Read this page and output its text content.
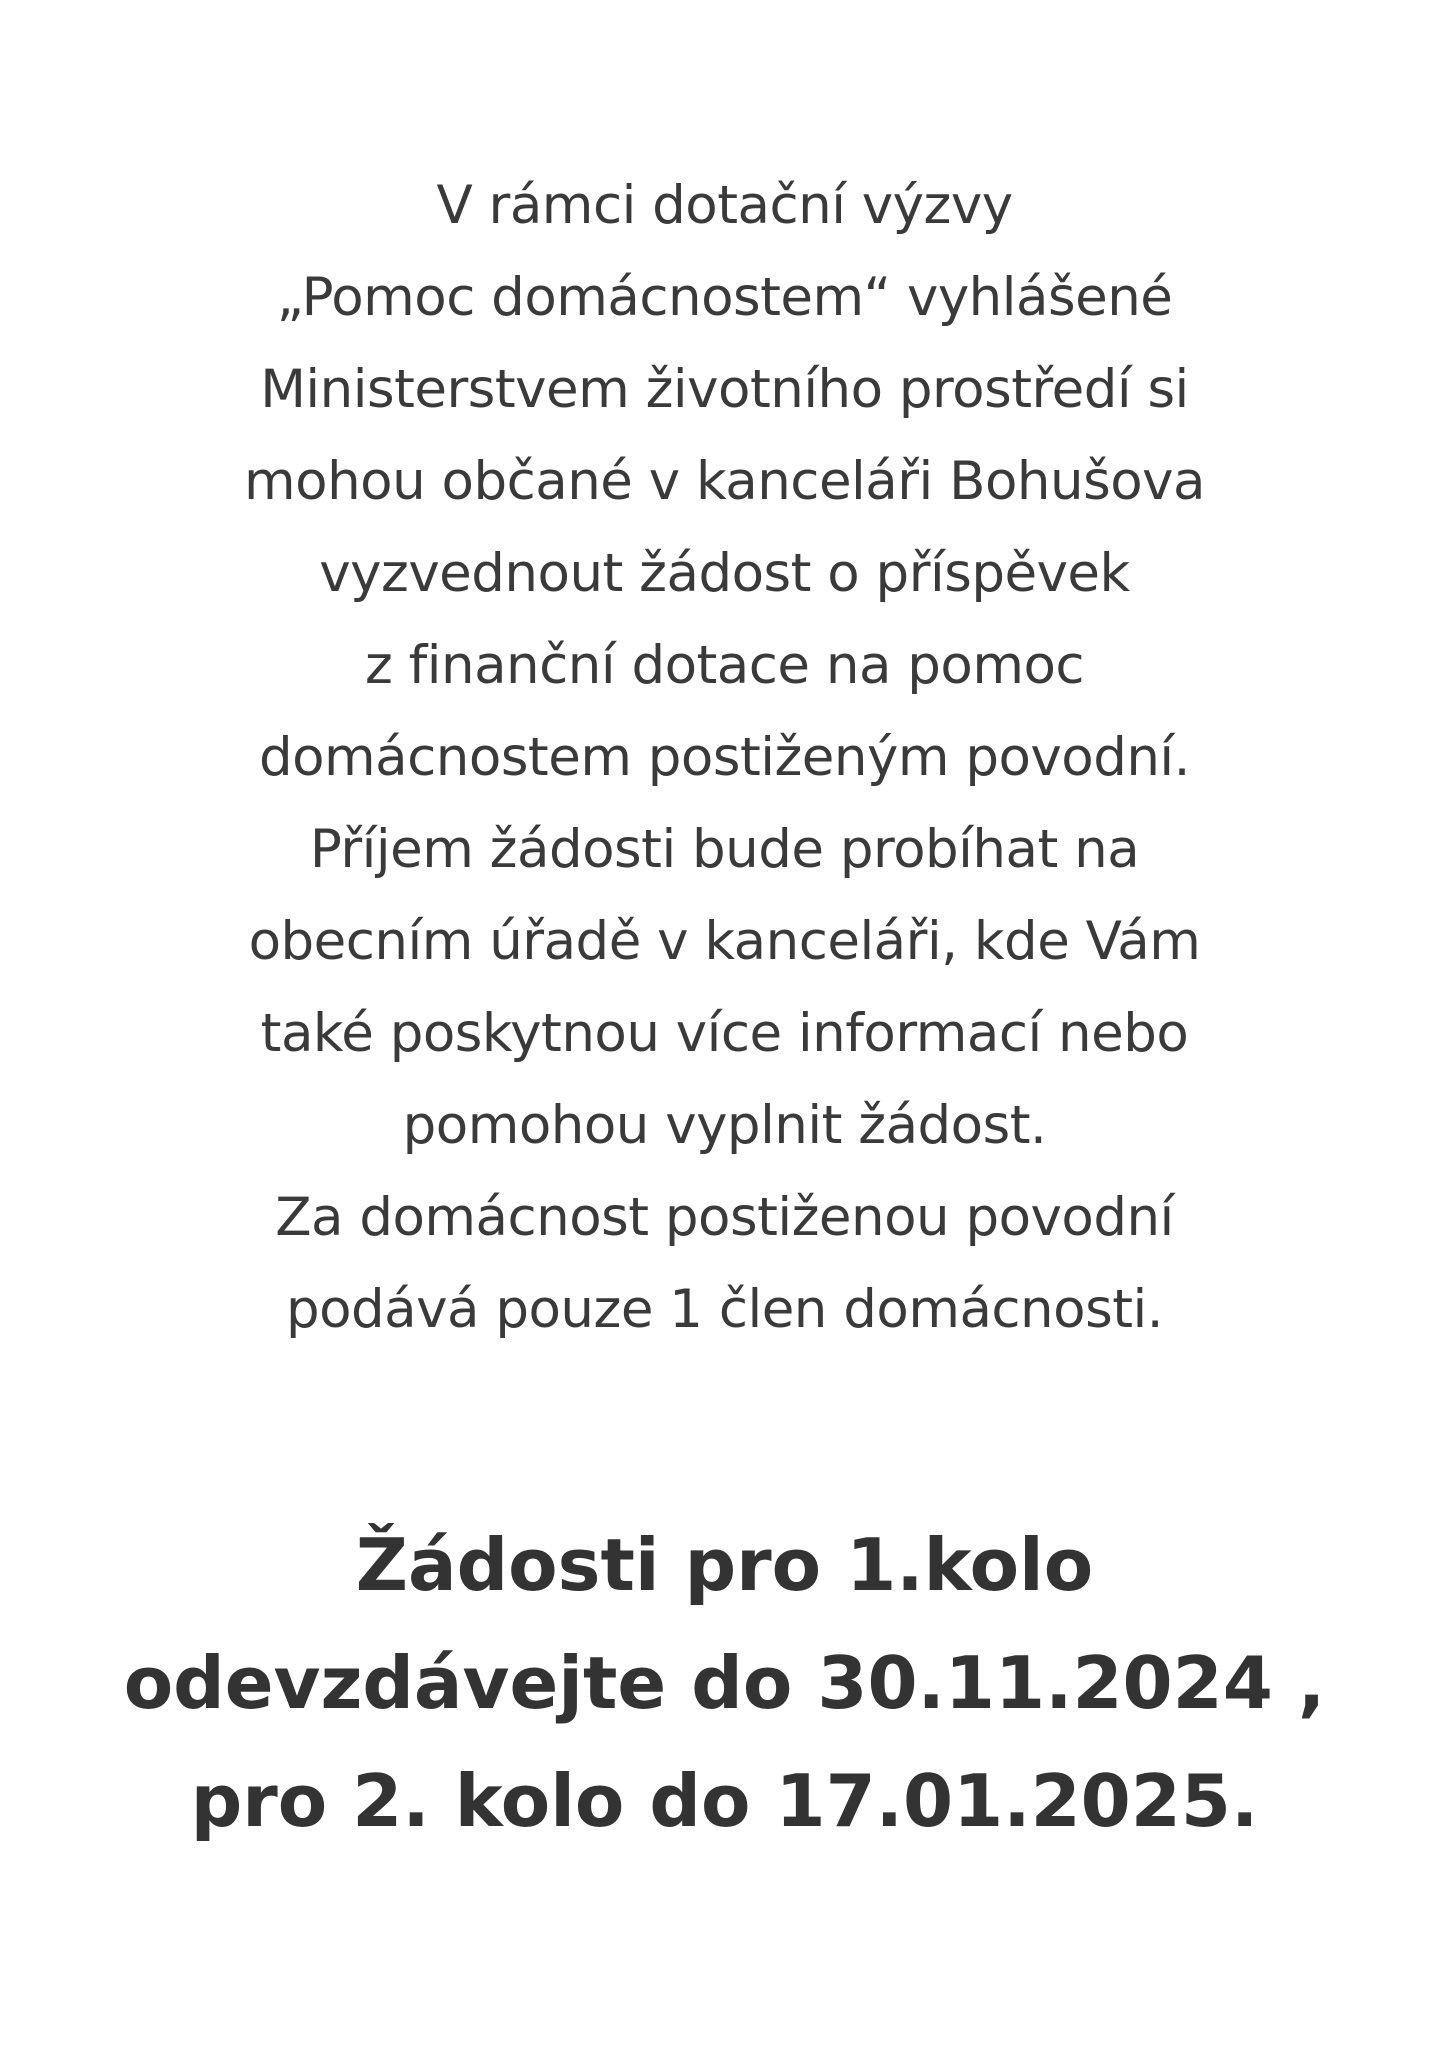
V rámci dotační výzvy
„Pomoc domácnostem“ vyhlášené
Ministerstvem životního prostředí si
mohou občané v kanceláři Bohušova
vyzvednout žádost o příspěvek
z finanční dotace na pomoc
domácnostem postiženým povodní.
Příjem žádosti bude probíhat na
obecním úřadě v kanceláři, kde Vám
také poskytnou více informací nebo
pomohou vyplnit žádost.
Za domácnost postiženou povodní
podává pouze 1 člen domácnosti.
Žádosti pro 1.kolo
odevzdávejte do 30.11.2024 ,
pro 2. kolo do 17.01.2025.
